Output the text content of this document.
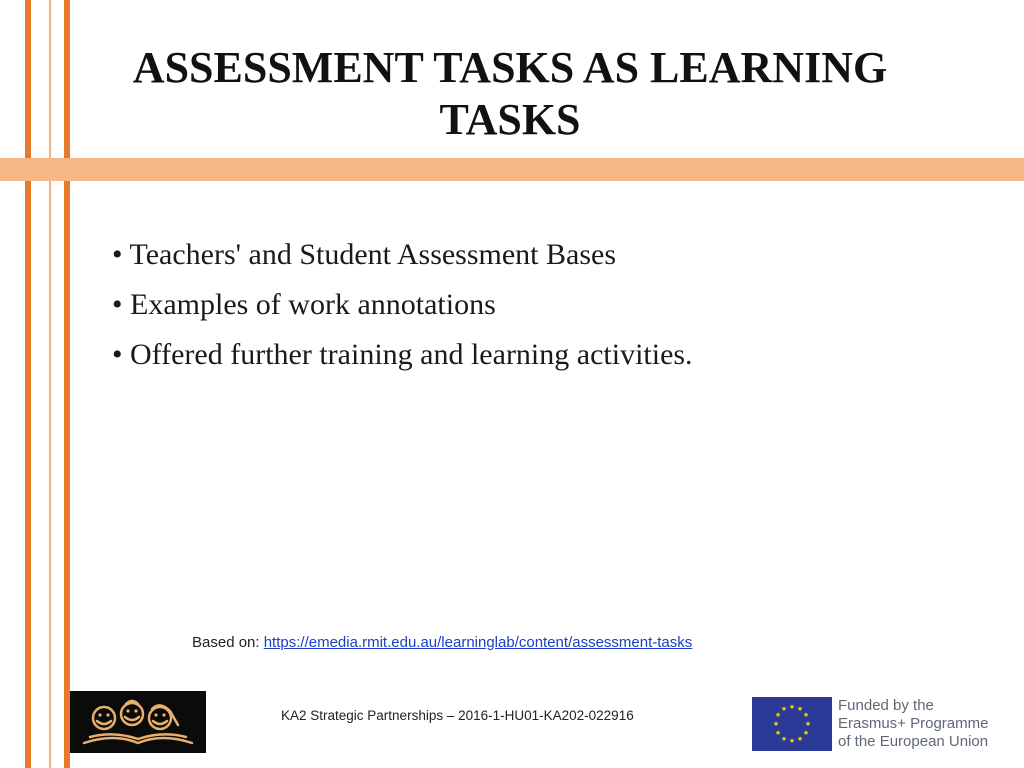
ASSESSMENT TASKS AS LEARNING TASKS
• Teachers' and Student Assessment Bases
• Examples of work annotations
• Offered further training and learning activities.
Based on: https://emedia.rmit.edu.au/learninglab/content/assessment-tasks
KA2 Strategic Partnerships – 2016-1-HU01-KA202-022916
★ ★
★
★
★
★
★
★
★
★
★
★	Funded by the
Erasmus+ Programme
of the European Union
